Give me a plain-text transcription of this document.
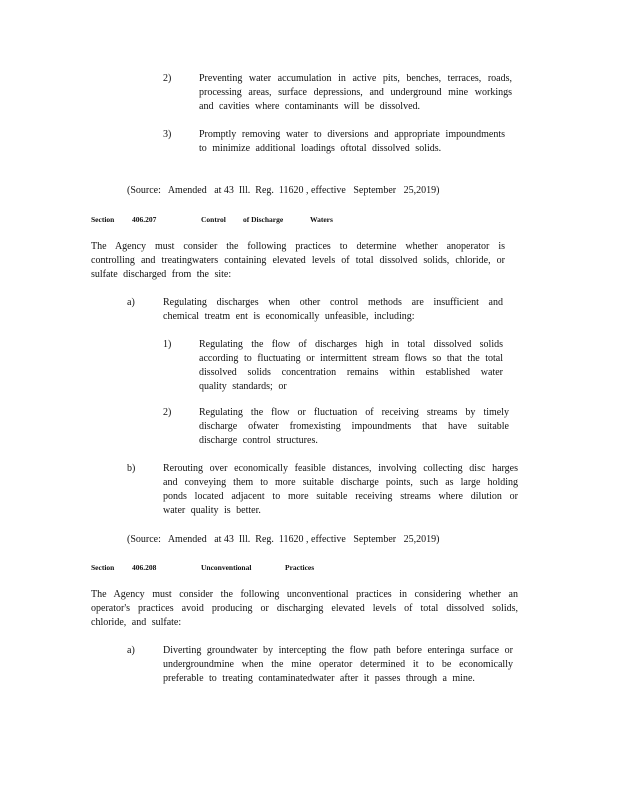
2)	Preventing water accumulation in active pits, benches, terraces, roads, processing areas, surface depressions, and underground mine workings and cavities where contaminants will be dissolved.

3)	Promptly removing water to diversions and appropriate impoundments to minimize additional loadings oftotal dissolved solids.

(Source:   Amended   at 43  Ill.  Reg.  11620 , effective   September   25,2019)
Section 406.207	Control of Discharge	Waters

The Agency must consider the following practices to determine whether anoperator is controlling and treatingwaters containing elevated levels of total dissolved solids, chloride, or sulfate discharged from the site:

a)	Regulating discharges when other control methods are insufficient and chemical treatm ent is economically unfeasible, including:

1)	Regulating the flow of discharges high in total dissolved solids according to fluctuating or intermittent stream flows so that the total dissolved solids concentration remains within established water quality standards; or

2)	Regulating the flow or fluctuation of receiving streams by timely discharge ofwater fromexisting impoundments that have suitable discharge control structures.

b)	Rerouting over economically feasible distances, involving collecting disc harges and conveying them to more suitable discharge points, such as large holding ponds located adjacent to more suitable receiving streams where dilution or water quality is better.

(Source:   Amended   at 43  Ill.  Reg.  11620 , effective   September   25,2019)
Section 406.208	Unconventional	Practices

The Agency must consider the following unconventional practices in considering whether an operator's practices avoid producing or discharging elevated levels of total dissolved solids, chloride, and sulfate:

a)	Diverting groundwater by intercepting the flow path before enteringa surface or undergroundmine when the mine operator determined it to be economically preferable to treating contaminatedwater after it passes through a mine.
